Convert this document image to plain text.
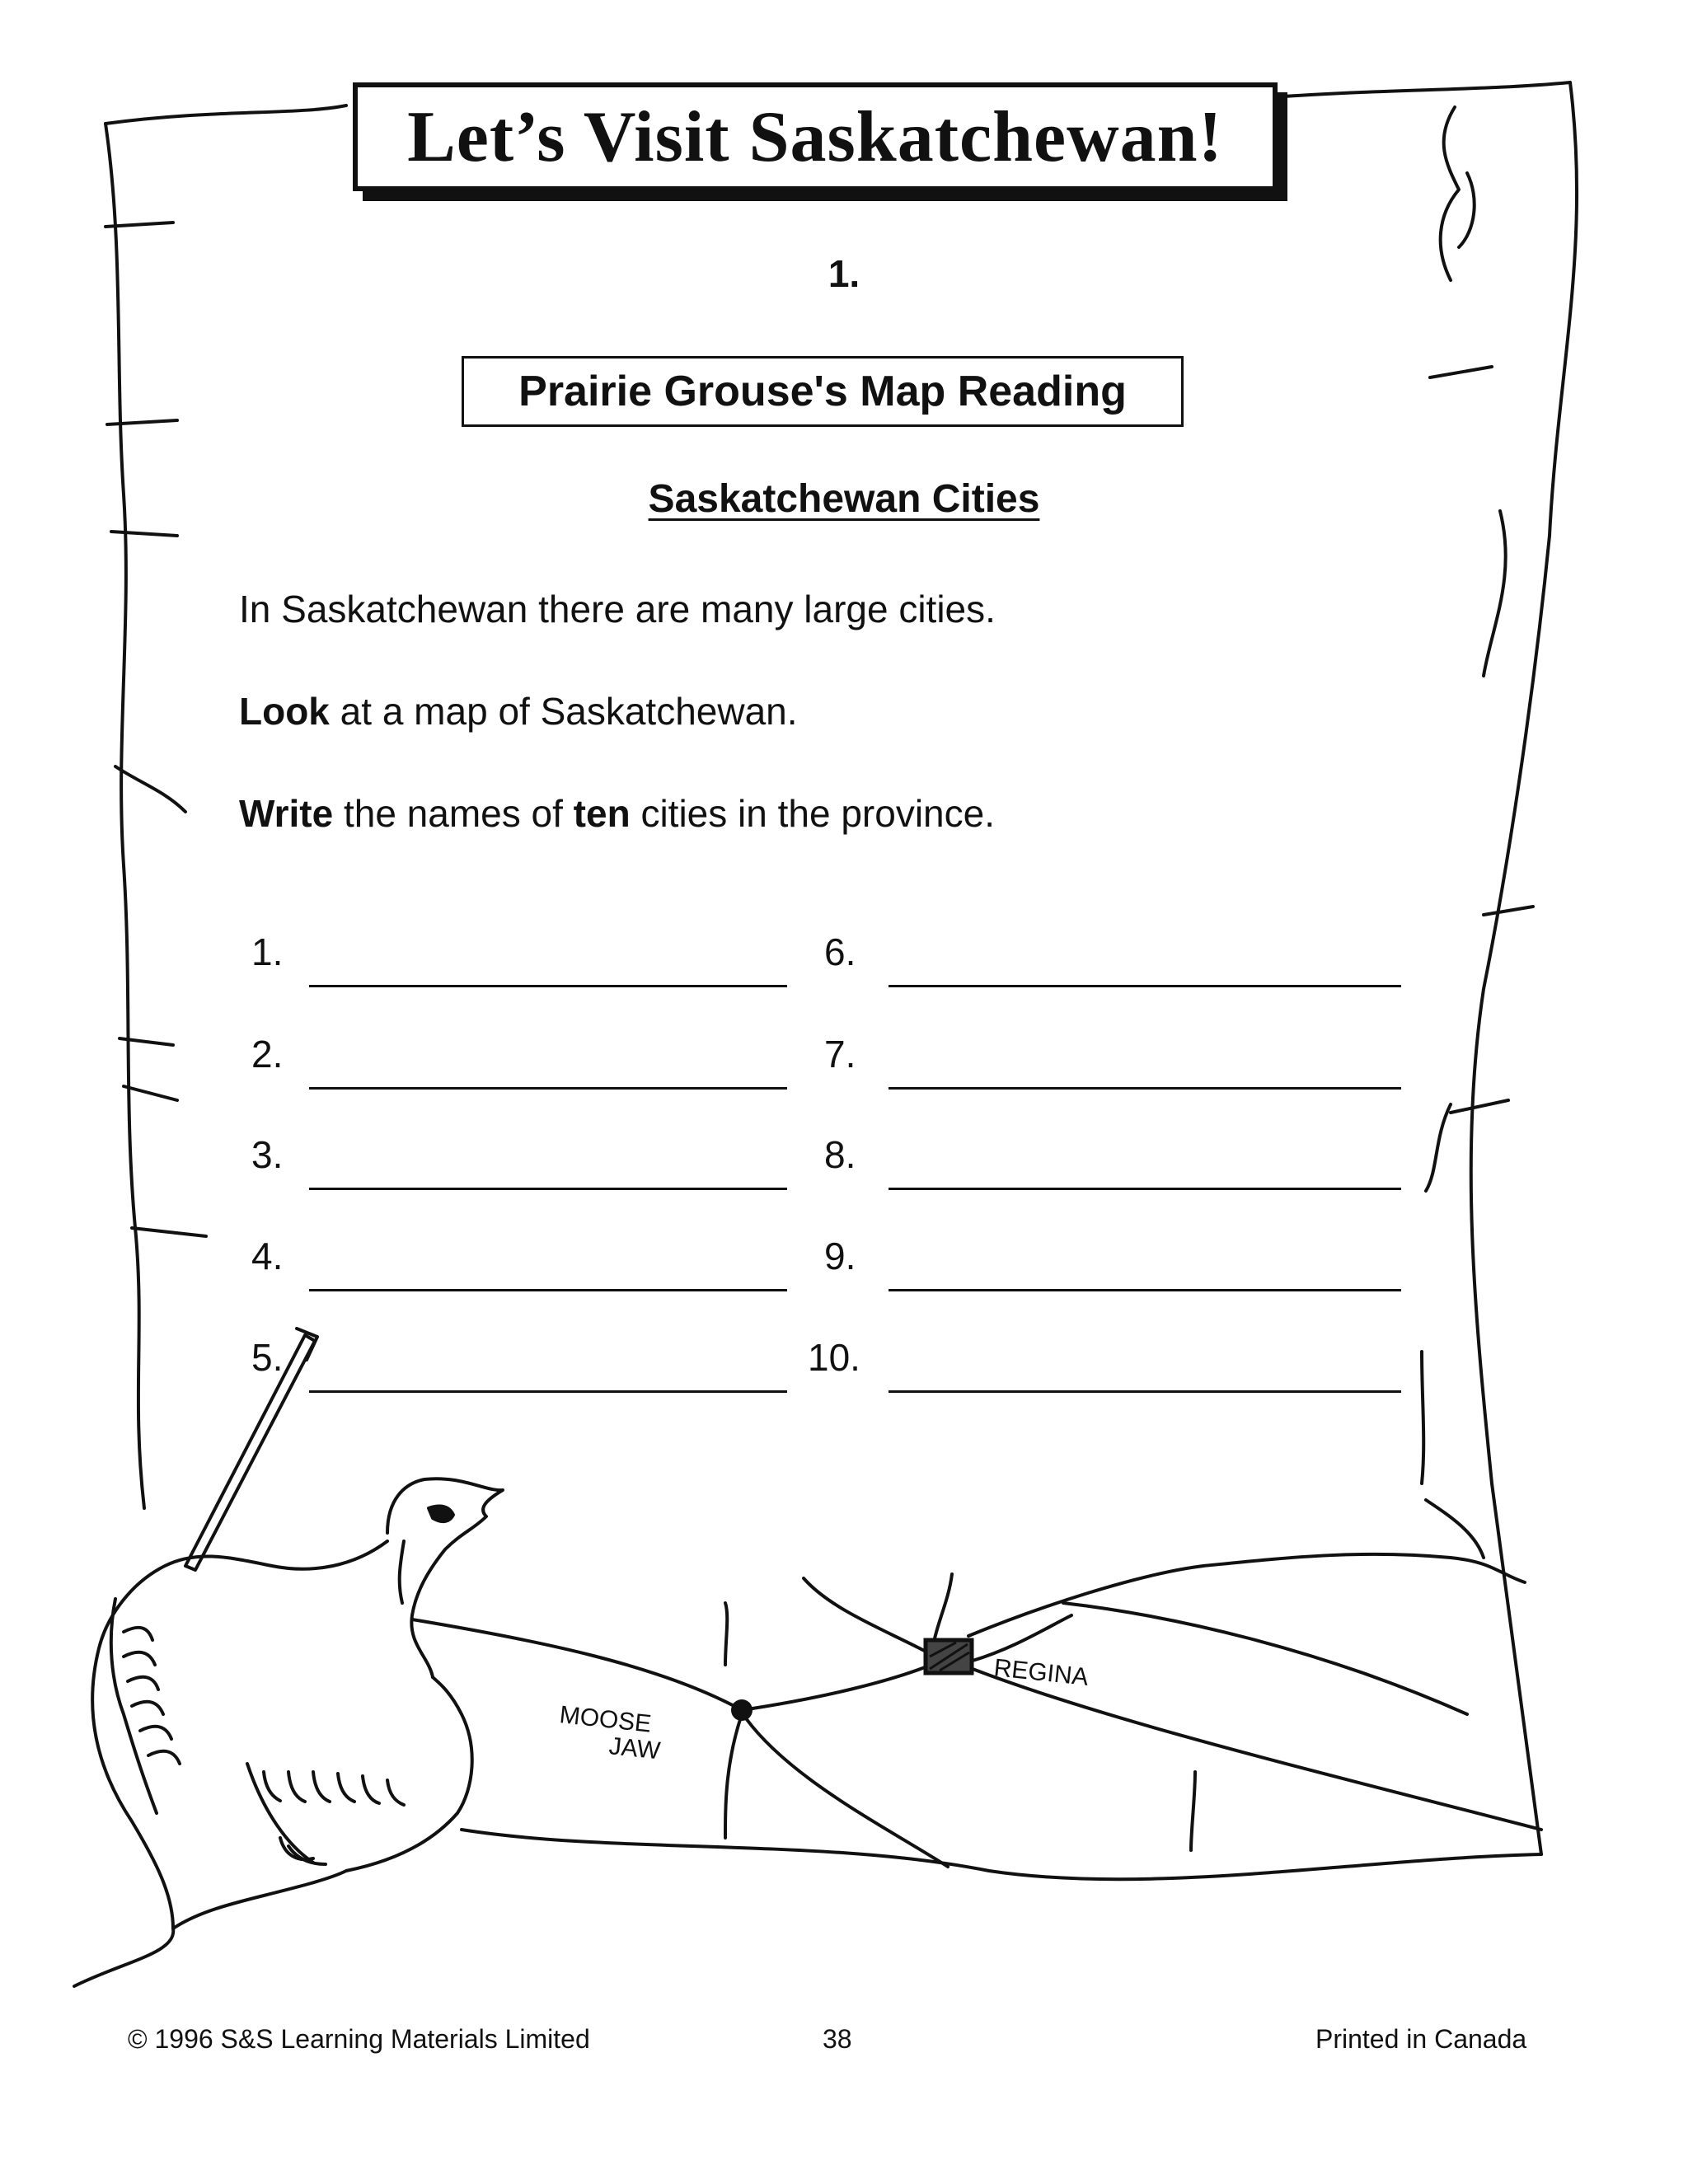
MOOSE
JAW
REGINA
Let’s Visit Saskatchewan!
1.
Prairie Grouse's Map Reading
Saskatchewan Cities
In Saskatchewan there are many large cities.
Look at a map of Saskatchewan.
Write the names of ten cities in the province.
1.
2.
3.
4.
5.
6.
7.
8.
9.
10.
© 1996 S&S Learning Materials Limited	38	Printed in Canada
